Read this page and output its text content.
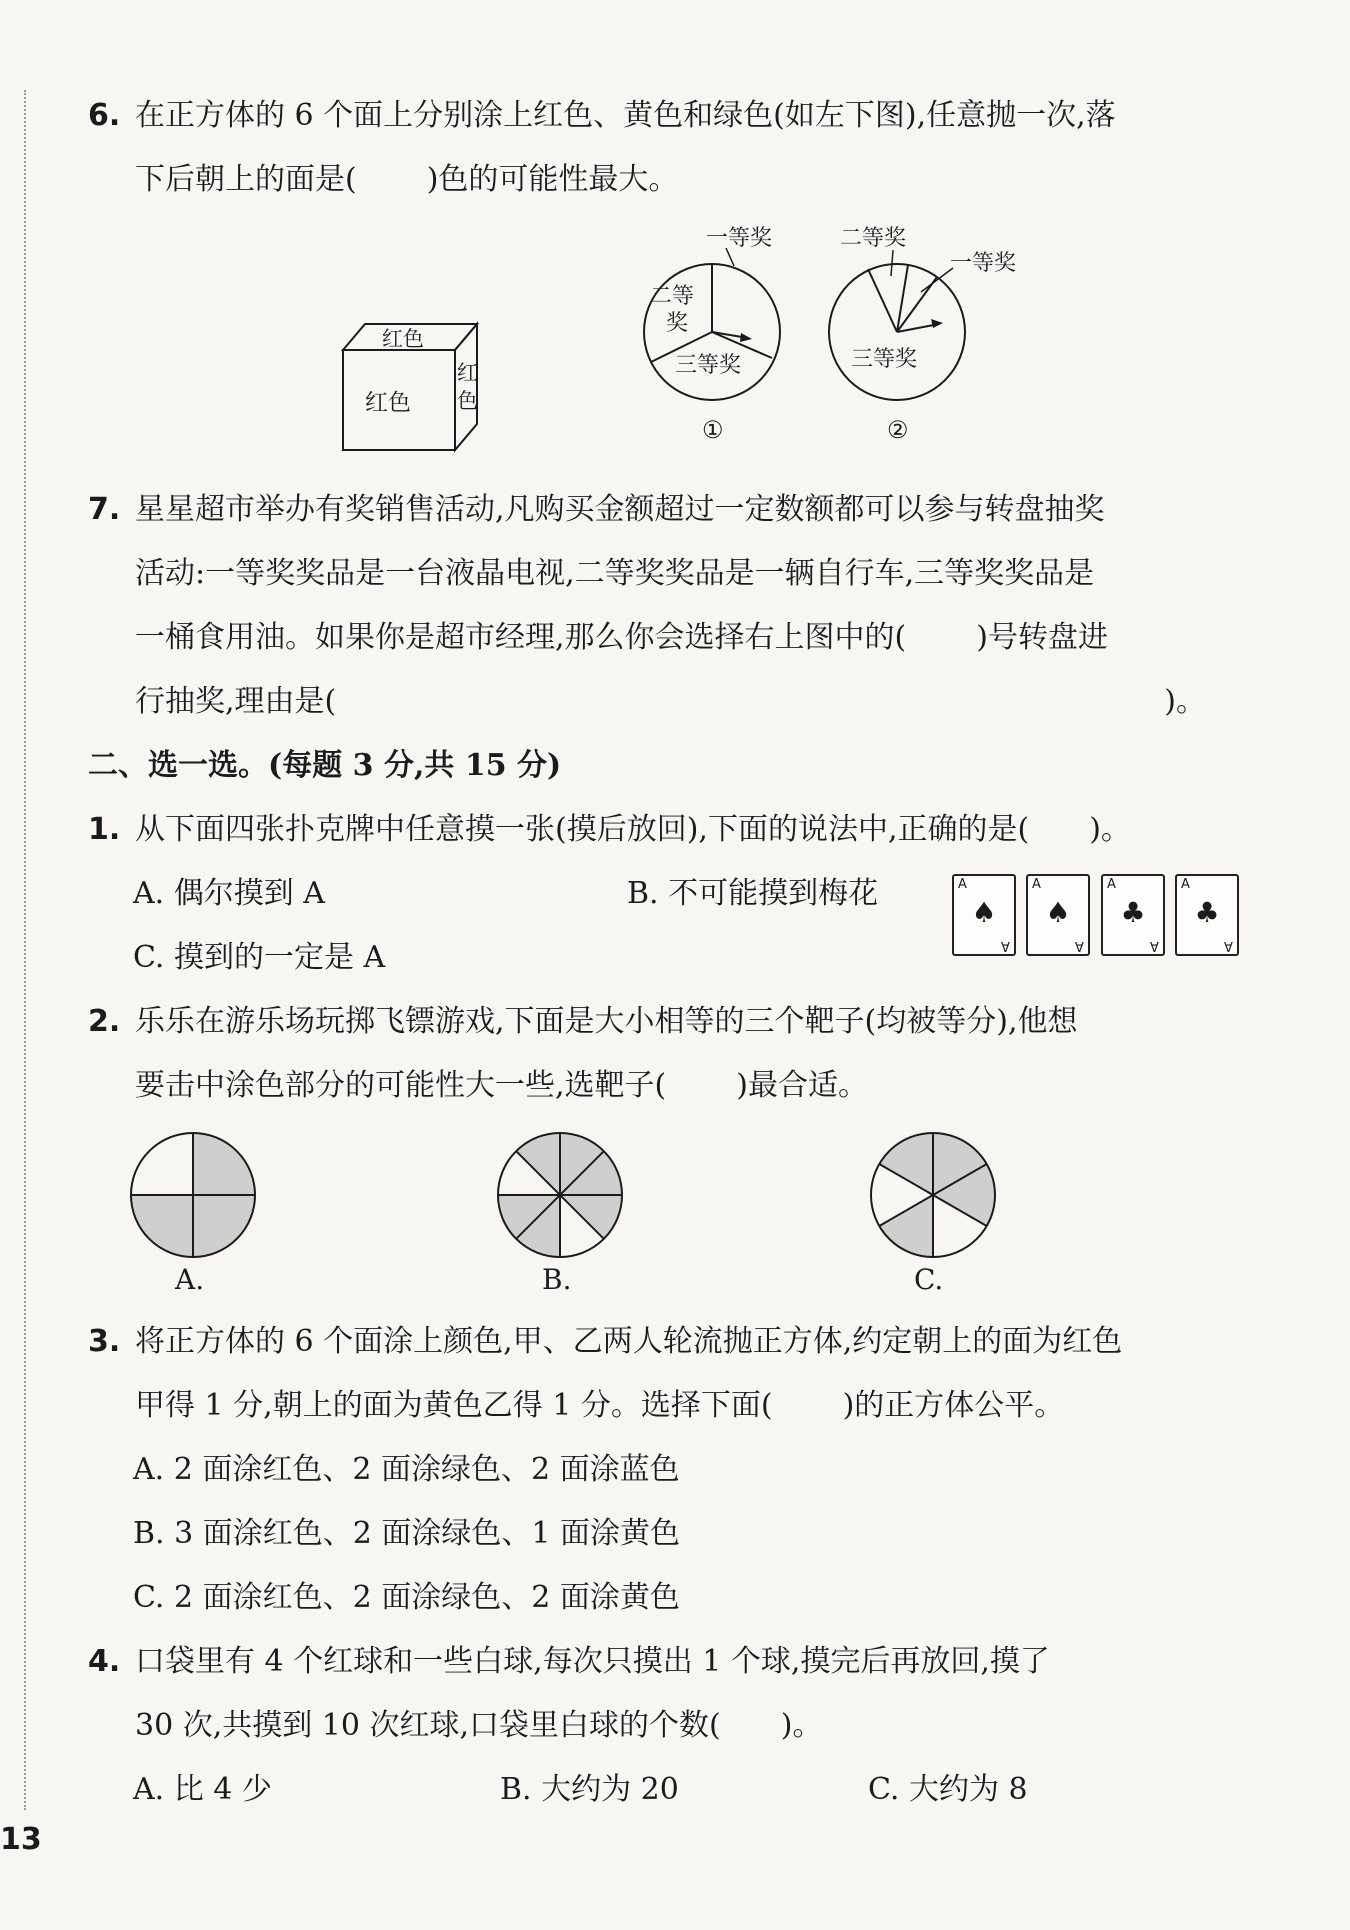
6. 在正方体的 6 个面上分别涂上红色、黄色和绿色(如左下图),任意抛一次,落
下后朝上的面是( )色的可能性最大。
红色
红色
红
色
一等奖
二等
奖
三等奖
①
二等奖
一等奖
三等奖
②
7. 星星超市举办有奖销售活动,凡购买金额超过一定数额都可以参与转盘抽奖
活动:一等奖奖品是一台液晶电视,二等奖奖品是一辆自行车,三等奖奖品是
一桶食用油。如果你是超市经理,那么你会选择右上图中的( )号转盘进
行抽奖,理由是(	)。
二、选一选。(每题 3 分,共 15 分)
1. 从下面四张扑克牌中任意摸一张(摸后放回),下面的说法中,正确的是( )。
A. 偶尔摸到 A	B. 不可能摸到梅花
C. 摸到的一定是 A
A
♠
A
A
♠
A
A
♣
A
A
♣
A
2. 乐乐在游乐场玩掷飞镖游戏,下面是大小相等的三个靶子(均被等分),他想
要击中涂色部分的可能性大一些,选靶子( )最合适。
A.	B.	C.
3. 将正方体的 6 个面涂上颜色,甲、乙两人轮流抛正方体,约定朝上的面为红色
甲得 1 分,朝上的面为黄色乙得 1 分。选择下面( )的正方体公平。
A. 2 面涂红色、2 面涂绿色、2 面涂蓝色
B. 3 面涂红色、2 面涂绿色、1 面涂黄色
C. 2 面涂红色、2 面涂绿色、2 面涂黄色
4. 口袋里有 4 个红球和一些白球,每次只摸出 1 个球,摸完后再放回,摸了
30 次,共摸到 10 次红球,口袋里白球的个数( )。
A. 比 4 少	B. 大约为 20	C. 大约为 8
13
